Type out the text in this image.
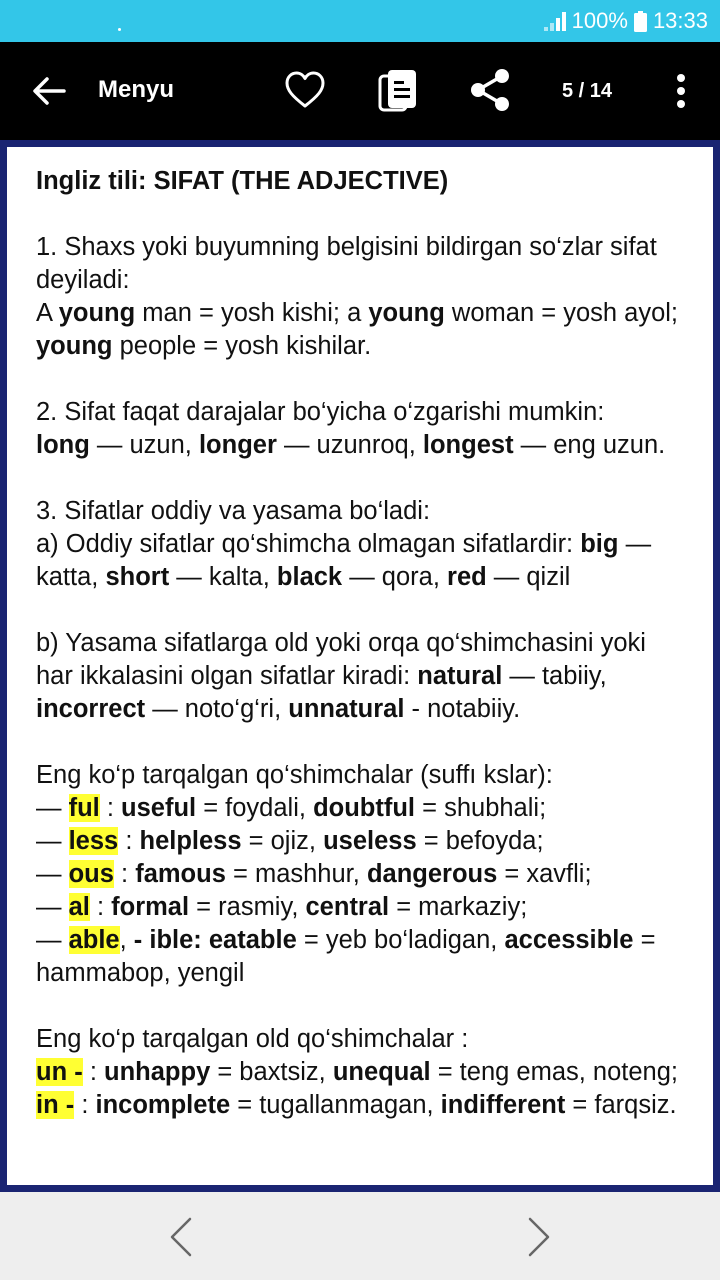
100% 13:33
Menyu	5 / 14

Ingliz tili: SIFAT (THE ADJECTIVE)

1. Shaxs yoki buyumning belgisini bildirgan so‘zlar sifat deyiladi:
A young man = yosh kishi; a young woman = yosh ayol; young people = yosh kishilar.

2. Sifat faqat darajalar bo‘yicha o‘zgarishi mumkin:
long — uzun, longer — uzunroq, longest — eng uzun.

3. Sifatlar oddiy va yasama bo‘ladi:
a) Oddiy sifatlar qo‘shimcha olmagan sifatlardir: big — katta, short — kalta, black — qora, red — qizil

b) Yasama sifatlarga old yoki orqa qo‘shimchasini yoki har ikkalasini olgan sifatlar kiradi: natural — tabiiy, incorrect — noto‘g‘ri, unnatural - notabiiy.

Eng ko‘p tarqalgan qo‘shimchalar (suffı kslar):
— ful : useful = foydali, doubtful = shubhali;
— less : helpless = ojiz, useless = befoyda;
— ous : famous = mashhur, dangerous = xavfli;
— al : formal = rasmiy, central = markaziy;
— able, - ible: eatable = yeb bo‘ladigan, accessible = hammabop, yengil

Eng ko‘p tarqalgan old qo‘shimchalar :
un - : unhappy = baxtsiz, unequal = teng emas, noteng;
in - : incomplete = tugallanmagan, indifferent = farqsiz.
